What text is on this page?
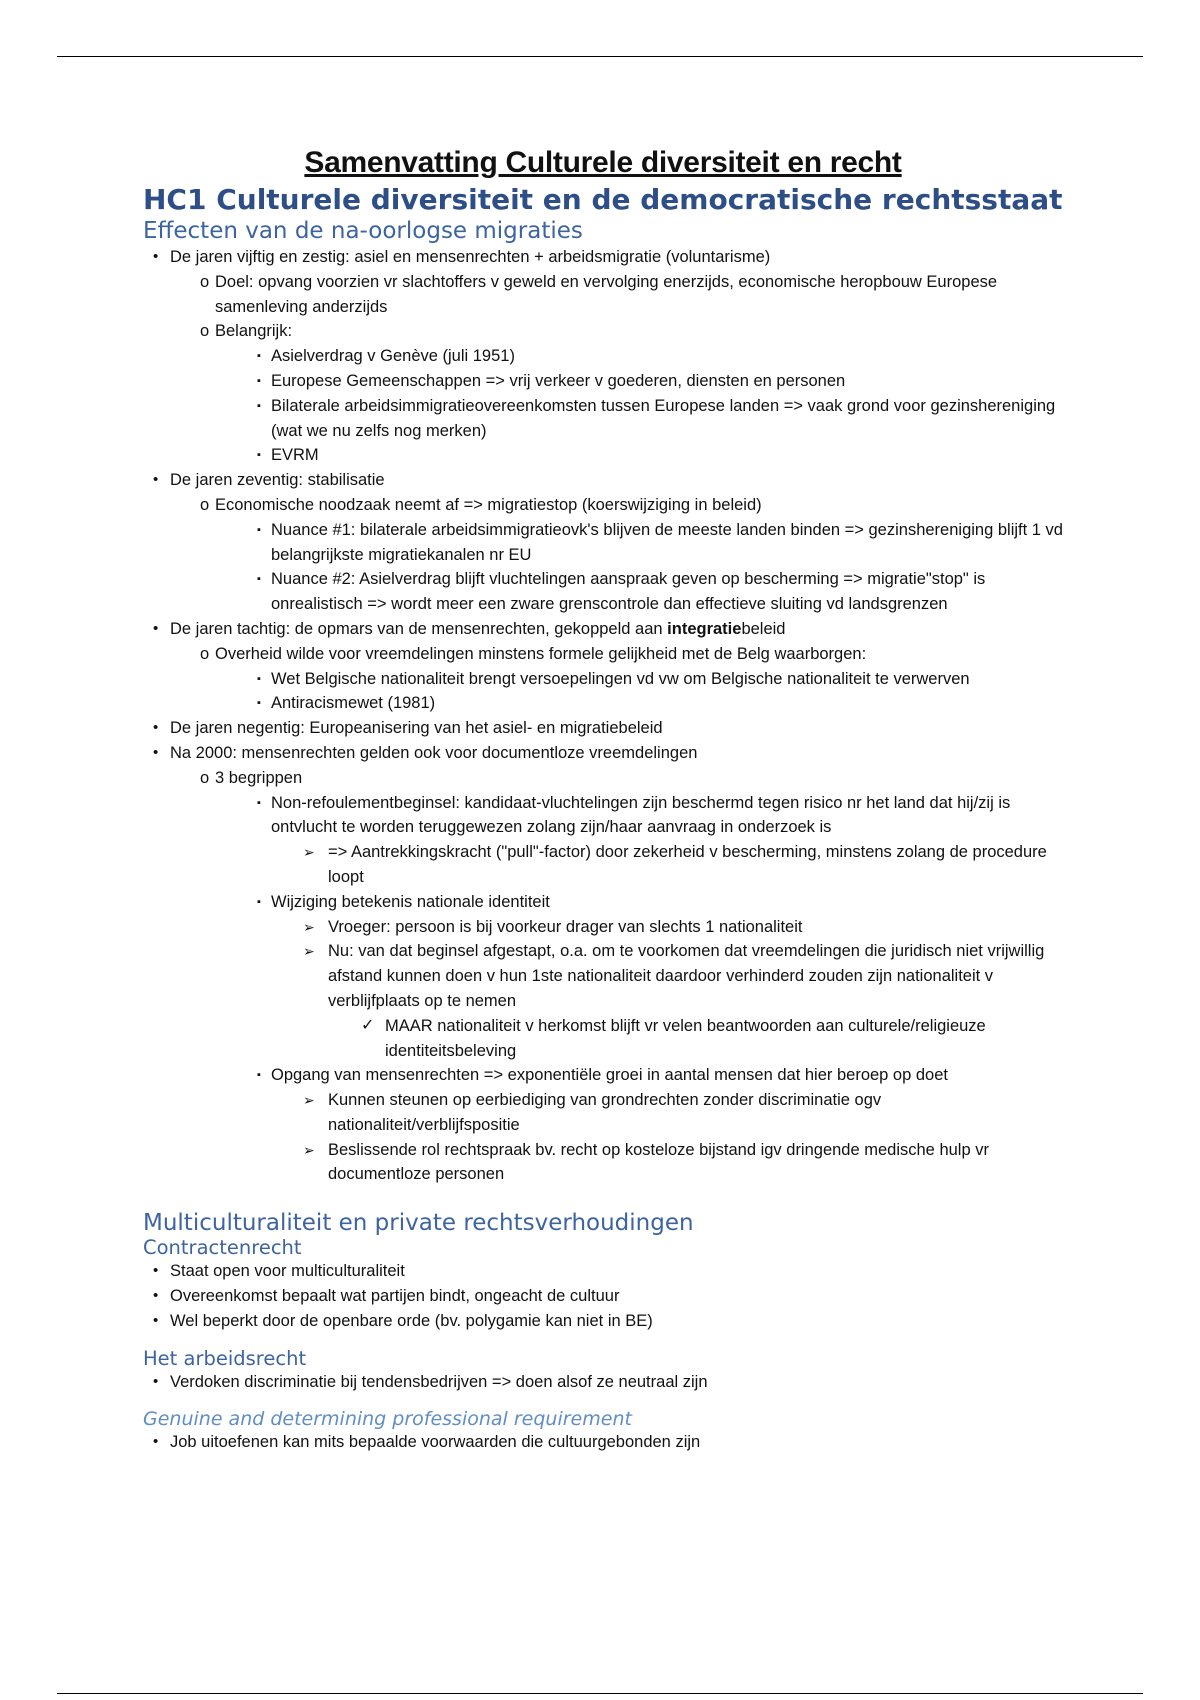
Samenvatting Culturele diversiteit en recht
HC1 Culturele diversiteit en de democratische rechtsstaat
Effecten van de na-oorlogse migraties
• De jaren vijftig en zestig: asiel en mensenrechten + arbeidsmigratie (voluntarisme)
o Doel: opvang voorzien vr slachtoffers v geweld en vervolging enerzijds, economische heropbouw Europese samenleving anderzijds
o Belangrijk:
▪ Asielverdrag v Genève (juli 1951)
▪ Europese Gemeenschappen => vrij verkeer v goederen, diensten en personen
▪ Bilaterale arbeidsimmigratieovereenkomsten tussen Europese landen => vaak grond voor gezinshereniging (wat we nu zelfs nog merken)
▪ EVRM
• De jaren zeventig: stabilisatie
o Economische noodzaak neemt af => migratiestop (koerswijziging in beleid)
▪ Nuance #1: bilaterale arbeidsimmigratieovk's blijven de meeste landen binden => gezinshereniging blijft 1 vd belangrijkste migratiekanalen nr EU
▪ Nuance #2: Asielverdrag blijft vluchtelingen aanspraak geven op bescherming => migratie"stop" is onrealistisch => wordt meer een zware grenscontrole dan effectieve sluiting vd landsgrenzen
• De jaren tachtig: de opmars van de mensenrechten, gekoppeld aan integratiebeleid
o Overheid wilde voor vreemdelingen minstens formele gelijkheid met de Belg waarborgen:
▪ Wet Belgische nationaliteit brengt versoepelingen vd vw om Belgische nationaliteit te verwerven
▪ Antiracismewet (1981)
• De jaren negentig: Europeanisering van het asiel- en migratiebeleid
• Na 2000: mensenrechten gelden ook voor documentloze vreemdelingen
o 3 begrippen
▪ Non-refoulementbeginsel: kandidaat-vluchtelingen zijn beschermd tegen risico nr het land dat hij/zij is ontvlucht te worden teruggewezen zolang zijn/haar aanvraag in onderzoek is
➢ => Aantrekkingskracht ("pull"-factor) door zekerheid v bescherming, minstens zolang de procedure loopt
▪ Wijziging betekenis nationale identiteit
➢ Vroeger: persoon is bij voorkeur drager van slechts 1 nationaliteit
➢ Nu: van dat beginsel afgestapt, o.a. om te voorkomen dat vreemdelingen die juridisch niet vrijwillig afstand kunnen doen v hun 1ste nationaliteit daardoor verhinderd zouden zijn nationaliteit v verblijfplaats op te nemen
✓ MAAR nationaliteit v herkomst blijft vr velen beantwoorden aan culturele/religieuze identiteitsbeleving
▪ Opgang van mensenrechten => exponentiële groei in aantal mensen dat hier beroep op doet
➢ Kunnen steunen op eerbiediging van grondrechten zonder discriminatie ogv nationaliteit/verblijfspositie
➢ Beslissende rol rechtspraak bv. recht op kosteloze bijstand igv dringende medische hulp vr documentloze personen
Multiculturaliteit en private rechtsverhoudingen
Contractenrecht
• Staat open voor multiculturaliteit
• Overeenkomst bepaalt wat partijen bindt, ongeacht de cultuur
• Wel beperkt door de openbare orde (bv. polygamie kan niet in BE)
Het arbeidsrecht
• Verdoken discriminatie bij tendensbedrijven => doen alsof ze neutraal zijn
Genuine and determining professional requirement
• Job uitoefenen kan mits bepaalde voorwaarden die cultuurgebonden zijn
